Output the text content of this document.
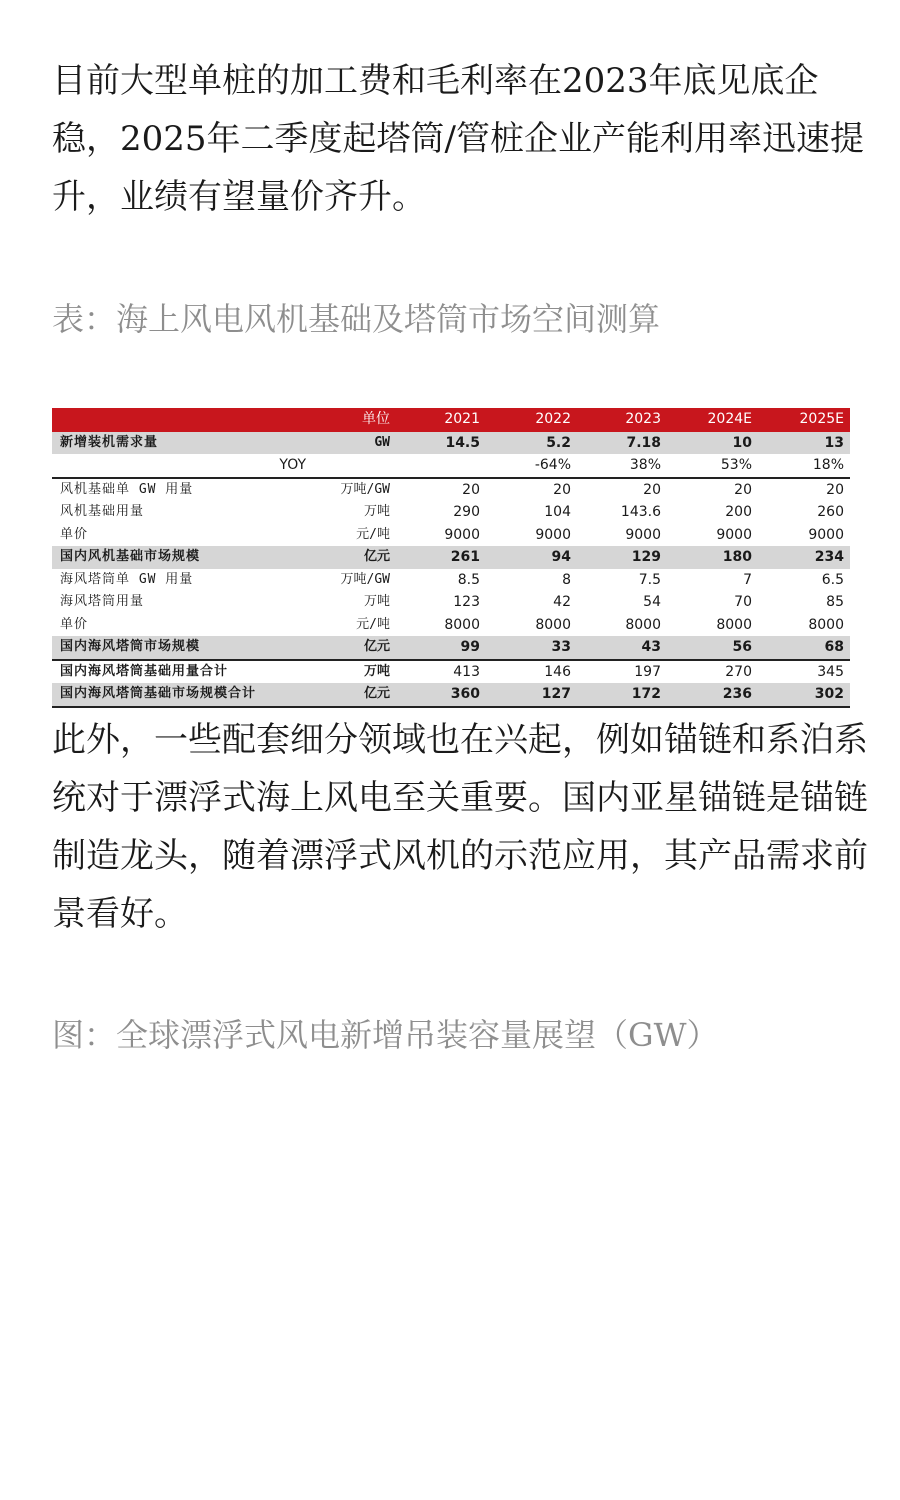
目前大型单桩的加工费和毛利率在2023年底见底企稳，2025年二季度起塔筒/管桩企业产能利用率迅速提升，业绩有望量价齐升。

表：海上风电风机基础及塔筒市场空间测算

	单位	2021	2022	2023	2024E	2025E
新增装机需求量	GW	14.5	5.2	7.18	10	13
YOY			-64%	38%	53%	18%
风机基础单 GW 用量	万吨/GW	20	20	20	20	20
风机基础用量	万吨	290	104	143.6	200	260
单价	元/吨	9000	9000	9000	9000	9000
国内风机基础市场规模	亿元	261	94	129	180	234
海风塔筒单 GW 用量	万吨/GW	8.5	8	7.5	7	6.5
海风塔筒用量	万吨	123	42	54	70	85
单价	元/吨	8000	8000	8000	8000	8000
国内海风塔筒市场规模	亿元	99	33	43	56	68
国内海风塔筒基础用量合计	万吨	413	146	197	270	345
国内海风塔筒基础市场规模合计	亿元	360	127	172	236	302

此外，一些配套细分领域也在兴起，例如锚链和系泊系统对于漂浮式海上风电至关重要。国内亚星锚链是锚链制造龙头，随着漂浮式风机的示范应用，其产品需求前景看好。

图：全球漂浮式风电新增吊装容量展望（GW）
